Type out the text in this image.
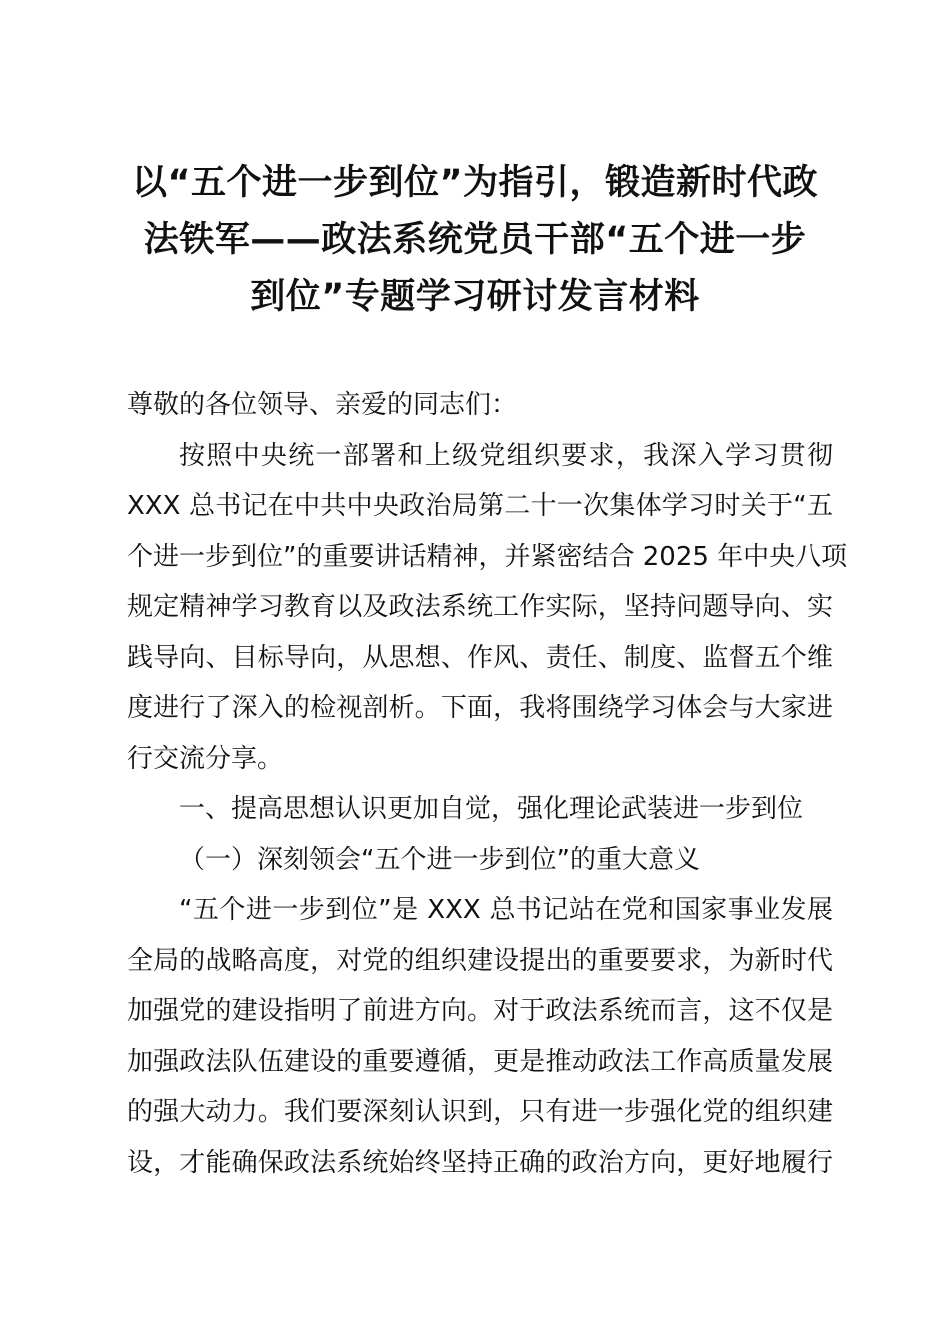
以“五个进一步到位”为指引，锻造新时代政
法铁军——政法系统党员干部“五个进一步
到位”专题学习研讨发言材料
尊敬的各位领导、亲爱的同志们：
按照中央统一部署和上级党组织要求，我深入学习贯彻
XXX 总书记在中共中央政治局第二十一次集体学习时关于“五
个进一步到位”的重要讲话精神，并紧密结合 2025 年中央八项
规定精神学习教育以及政法系统工作实际，坚持问题导向、实
践导向、目标导向，从思想、作风、责任、制度、监督五个维
度进行了深入的检视剖析。下面，我将围绕学习体会与大家进
行交流分享。
一、提高思想认识更加自觉，强化理论武装进一步到位
（一）深刻领会“五个进一步到位”的重大意义
“五个进一步到位”是 XXX 总书记站在党和国家事业发展
全局的战略高度，对党的组织建设提出的重要要求，为新时代
加强党的建设指明了前进方向。对于政法系统而言，这不仅是
加强政法队伍建设的重要遵循，更是推动政法工作高质量发展
的强大动力。我们要深刻认识到，只有进一步强化党的组织建
设，才能确保政法系统始终坚持正确的政治方向，更好地履行
